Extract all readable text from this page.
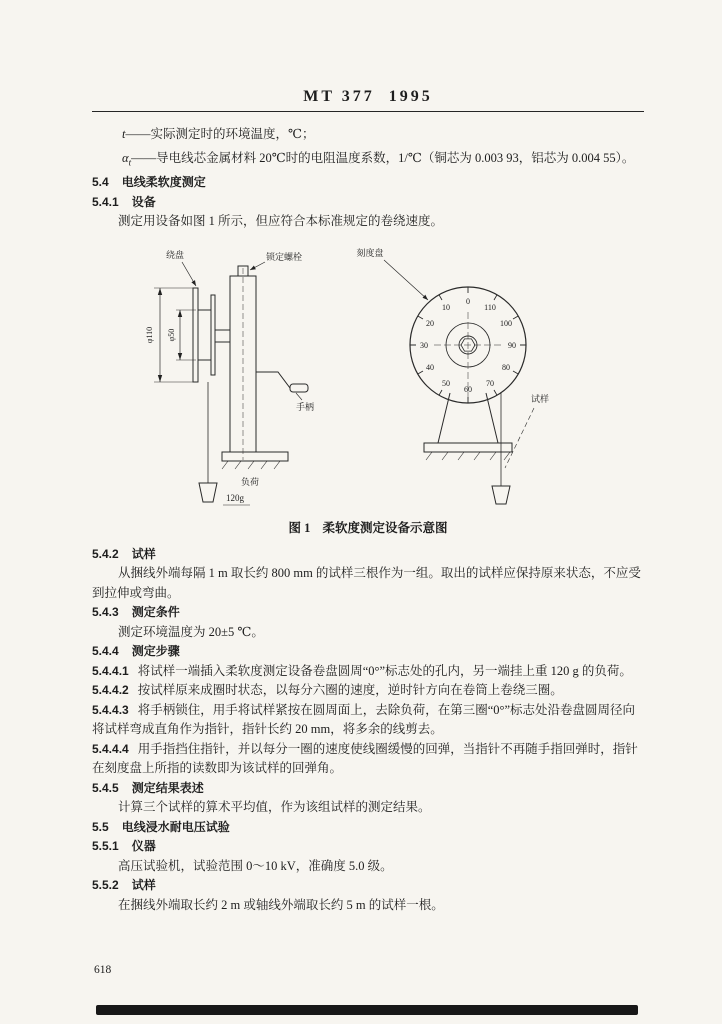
MT 377  1995

t——实际测定时的环境温度，℃；

$\alpha_t——$导电线芯金属材料 20℃时的电阻温度系数，1/℃（铜芯为 0.003 93，铝芯为 0.004 55）。

5.4 电线柔软度测定

5.4.1 设备

测定用设备如图 1 所示，但应符合本标准规定的卷绕速度。

φ110 φ50
绕盘	锁定螺栓
手柄
负荷
120g
刻度盘
0
10
20
30
40
50
60
70
80
90
100
110
试样
图 1 柔软度测定设备示意图

5.4.2 试样

从捆线外端每隔 1 m 取长约 800 mm 的试样三根作为一组。取出的试样应保持原来状态，不应受到拉伸或弯曲。

5.4.3 测定条件

测定环境温度为 20±5 ℃。

5.4.4 测定步骤

5.4.4.1 将试样一端插入柔软度测定设备卷盘圆周“0°”标志处的孔内，另一端挂上重 120 g 的负荷。

5.4.4.2 按试样原来成圈时状态，以每分六圈的速度，逆时针方向在卷筒上卷绕三圈。

5.4.4.3 将手柄锁住，用手将试样紧按在圆周面上，去除负荷，在第三圈“0°”标志处沿卷盘圆周径向将试样弯成直角作为指针，指针长约 20 mm，将多余的线剪去。

5.4.4.4 用手指挡住指针，并以每分一圈的速度使线圈缓慢的回弹，当指针不再随手指回弹时，指针在刻度盘上所指的读数即为该试样的回弹角。

5.4.5 测定结果表述

计算三个试样的算术平均值，作为该组试样的测定结果。

5.5 电线浸水耐电压试验

5.5.1 仪器

高压试验机，试验范围 0～10 kV，准确度 5.0 级。

5.5.2 试样

在捆线外端取长约 2 m 或轴线外端取长约 5 m 的试样一根。

618
